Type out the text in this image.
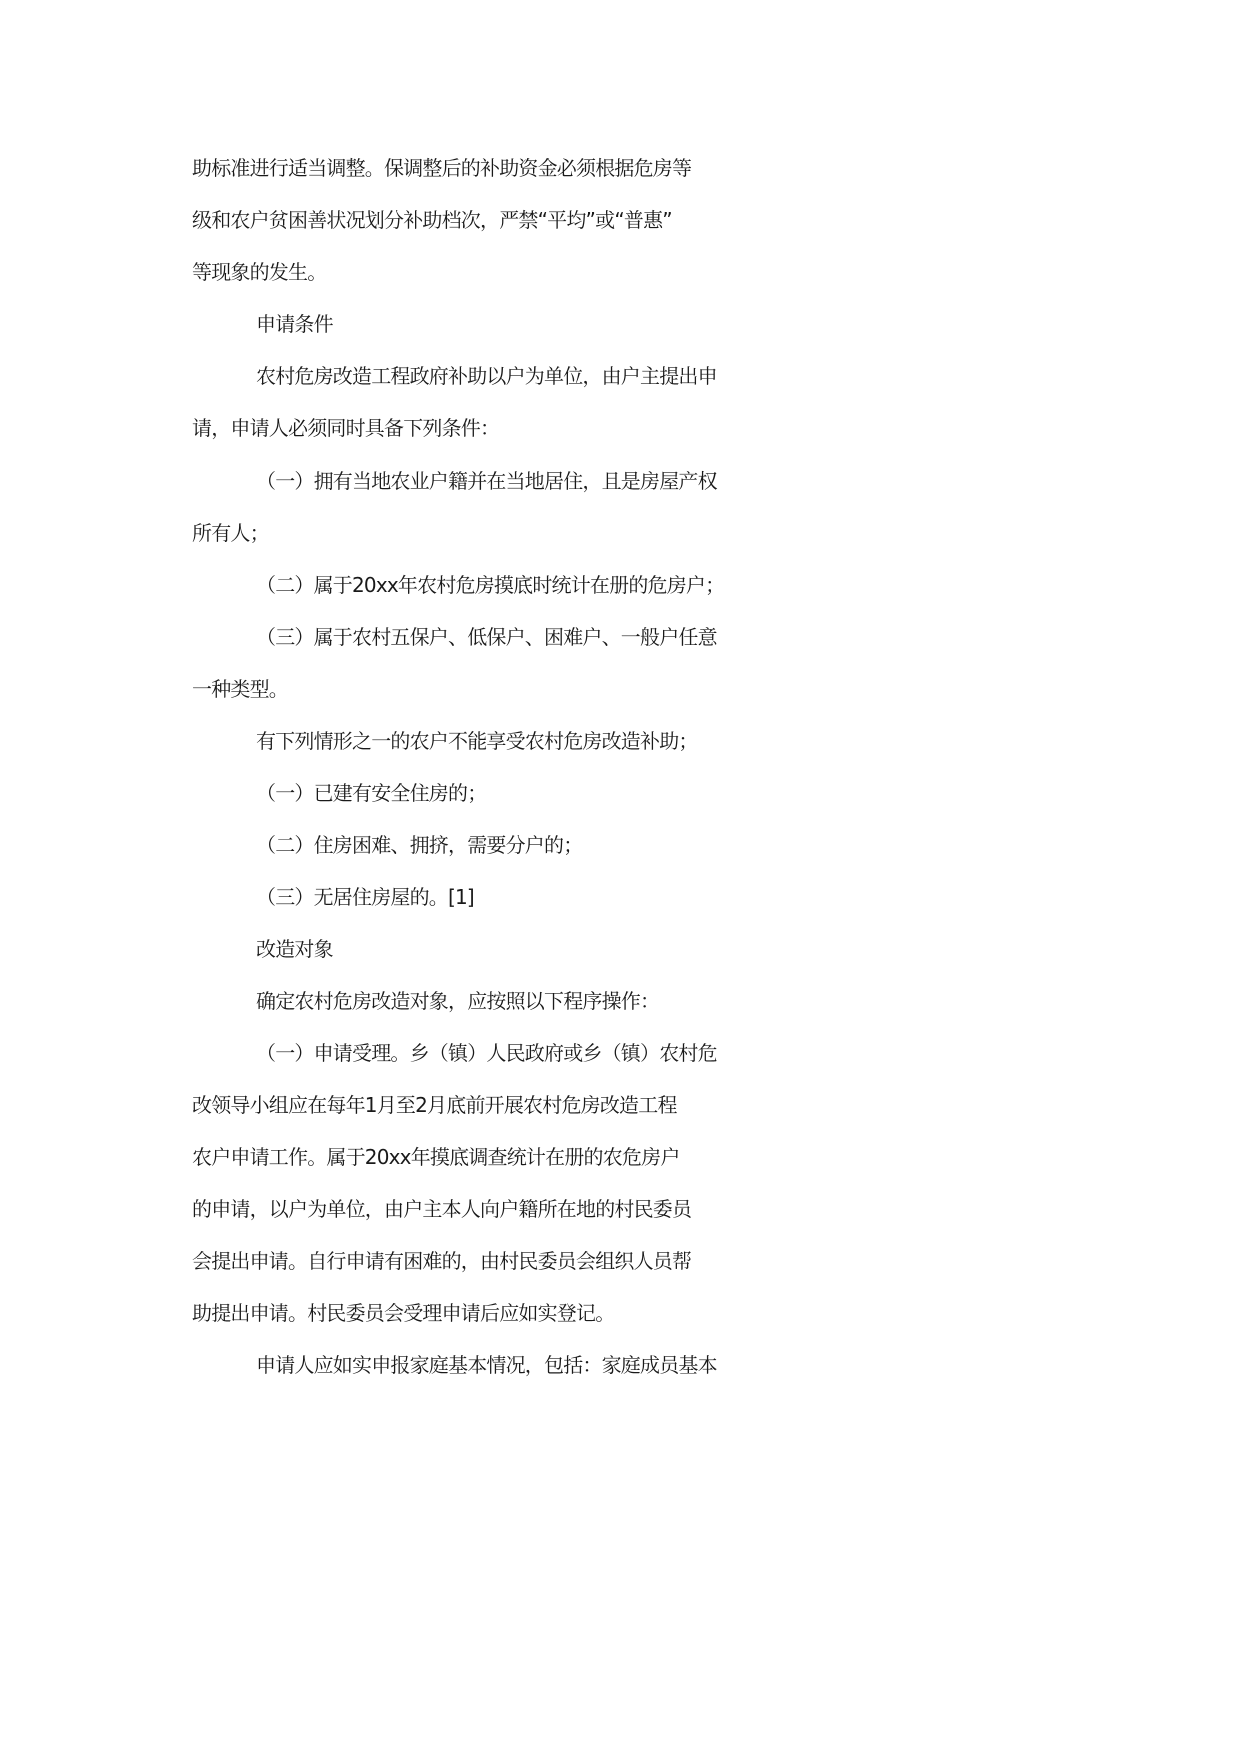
助标准进行适当调整。保调整后的补助资金必须根据危房等
级和农户贫困善状况划分补助档次，严禁“平均”或“普惠”
等现象的发生。
申请条件
农村危房改造工程政府补助以户为单位，由户主提出申
请，申请人必须同时具备下列条件：
（一）拥有当地农业户籍并在当地居住，且是房屋产权
所有人；
（二）属于20xx年农村危房摸底时统计在册的危房户；
（三）属于农村五保户、低保户、困难户、一般户任意
一种类型。
有下列情形之一的农户不能享受农村危房改造补助；
（一）已建有安全住房的；
（二）住房困难、拥挤，需要分户的；
（三）无居住房屋的。[1]
改造对象
确定农村危房改造对象，应按照以下程序操作：
（一）申请受理。乡（镇）人民政府或乡（镇）农村危
改领导小组应在每年1月至2月底前开展农村危房改造工程
农户申请工作。属于20xx年摸底调查统计在册的农危房户
的申请，以户为单位，由户主本人向户籍所在地的村民委员
会提出申请。自行申请有困难的，由村民委员会组织人员帮
助提出申请。村民委员会受理申请后应如实登记。
申请人应如实申报家庭基本情况，包括：家庭成员基本
